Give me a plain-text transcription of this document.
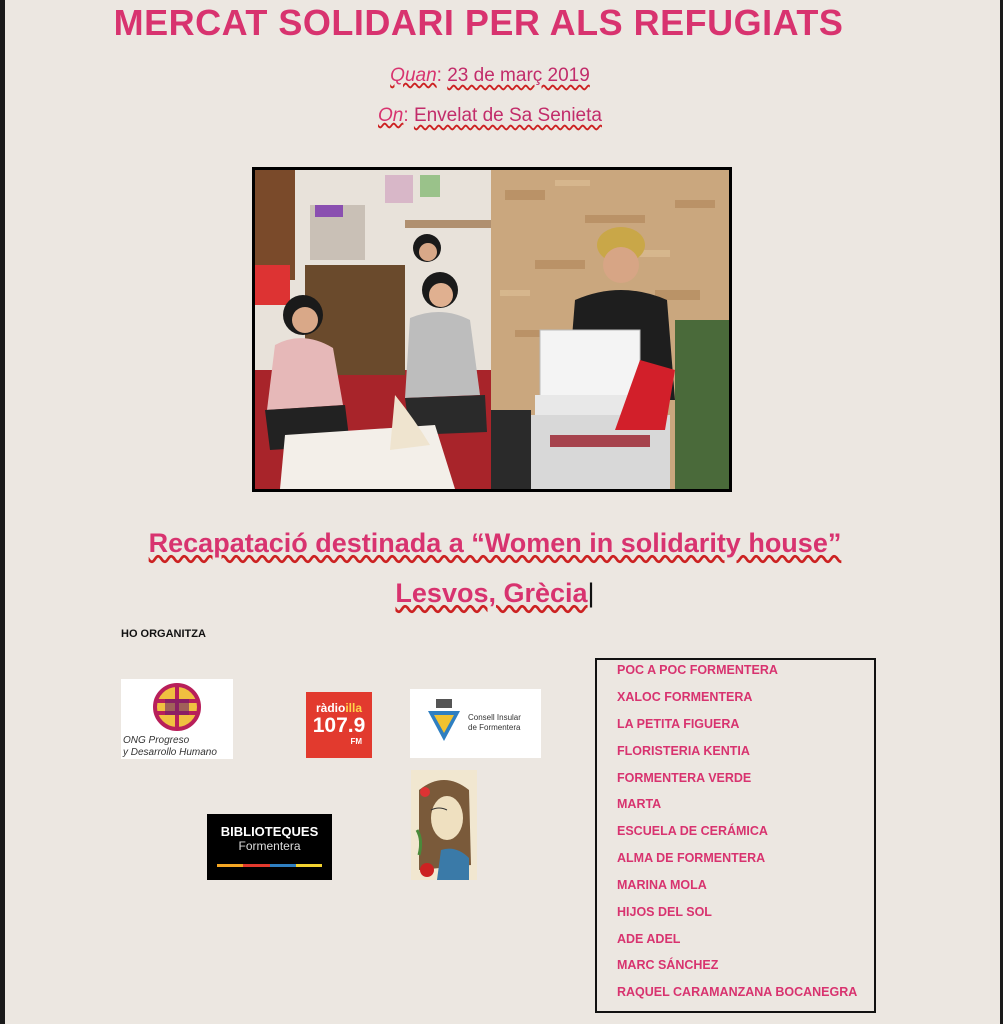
MERCAT SOLIDARI PER ALS REFUGIATS
Quan: 23 de març 2019
On: Envelat de Sa Senieta
Recapatació destinada a “Women in solidarity house”
Lesvos, Grècia|
HO ORGANITZA
ONG Progreso
y Desarrollo Humano
ràdioilla
107.9
FM
Consell Insular
de Formentera
BIBLIOTEQUES
Formentera
POC A POC FORMENTERA
XALOC FORMENTERA
LA PETITA FIGUERA
FLORISTERIA KENTIA
FORMENTERA VERDE
MARTA
ESCUELA DE CERÁMICA
ALMA DE FORMENTERA
MARINA MOLA
HIJOS DEL SOL
ADE ADEL
MARC SÁNCHEZ
RAQUEL CARAMANZANA BOCANEGRA
